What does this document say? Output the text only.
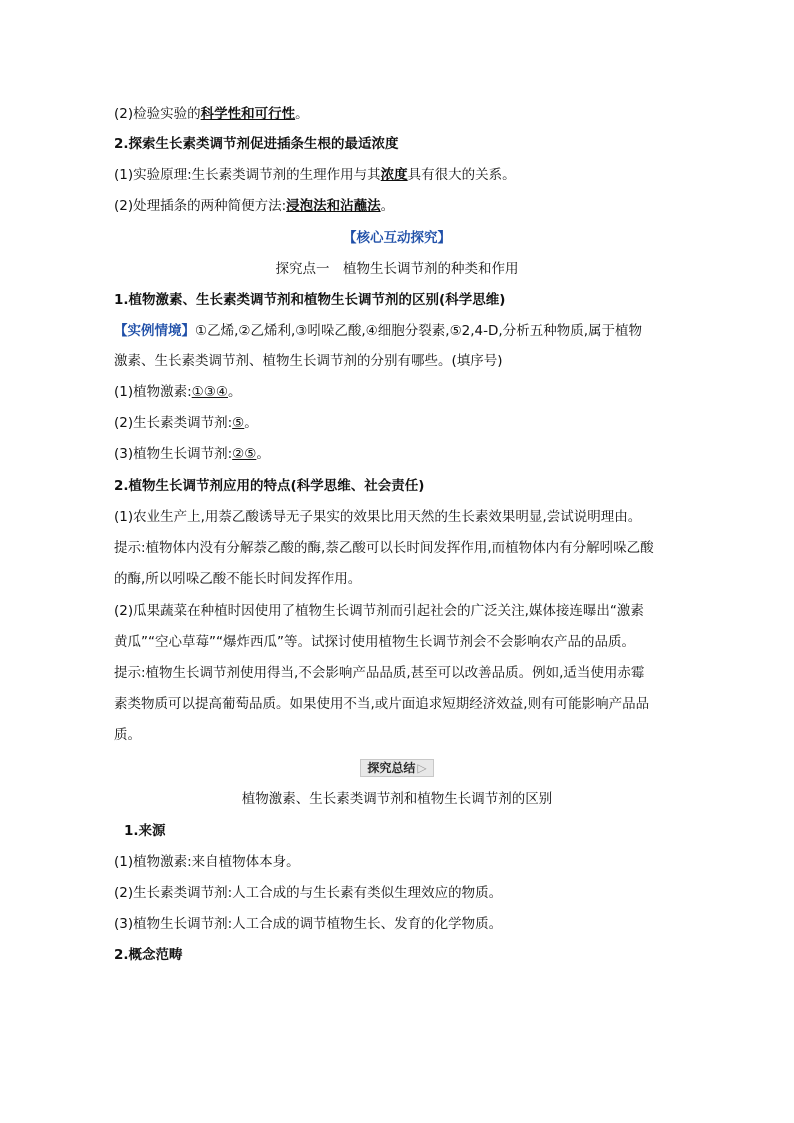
(2)检验实验的科学性和可行性。
2.探索生长素类调节剂促进插条生根的最适浓度
(1)实验原理:生长素类调节剂的生理作用与其浓度具有很大的关系。
(2)处理插条的两种简便方法:浸泡法和沾蘸法。
【核心互动探究】
探究点一　植物生长调节剂的种类和作用
1.植物激素、生长素类调节剂和植物生长调节剂的区别(科学思维)
【实例情境】①乙烯,②乙烯利,③吲哚乙酸,④细胞分裂素,⑤2,4-D,分析五种物质,属于植物
激素、生长素类调节剂、植物生长调节剂的分别有哪些。(填序号)
(1)植物激素:①③④。
(2)生长素类调节剂:⑤。
(3)植物生长调节剂:②⑤。
2.植物生长调节剂应用的特点(科学思维、社会责任)
(1)农业生产上,用萘乙酸诱导无子果实的效果比用天然的生长素效果明显,尝试说明理由。
提示:植物体内没有分解萘乙酸的酶,萘乙酸可以长时间发挥作用,而植物体内有分解吲哚乙酸
的酶,所以吲哚乙酸不能长时间发挥作用。
(2)瓜果蔬菜在种植时因使用了植物生长调节剂而引起社会的广泛关注,媒体接连曝出“激素
黄瓜”“空心草莓”“爆炸西瓜”等。试探讨使用植物生长调节剂会不会影响农产品的品质。
提示:植物生长调节剂使用得当,不会影响产品品质,甚至可以改善品质。例如,适当使用赤霉
素类物质可以提高葡萄品质。如果使用不当,或片面追求短期经济效益,则有可能影响产品品
质。
探究总结 ▷
植物激素、生长素类调节剂和植物生长调节剂的区别
1.来源
(1)植物激素:来自植物体本身。
(2)生长素类调节剂:人工合成的与生长素有类似生理效应的物质。
(3)植物生长调节剂:人工合成的调节植物生长、发育的化学物质。
2.概念范畴
